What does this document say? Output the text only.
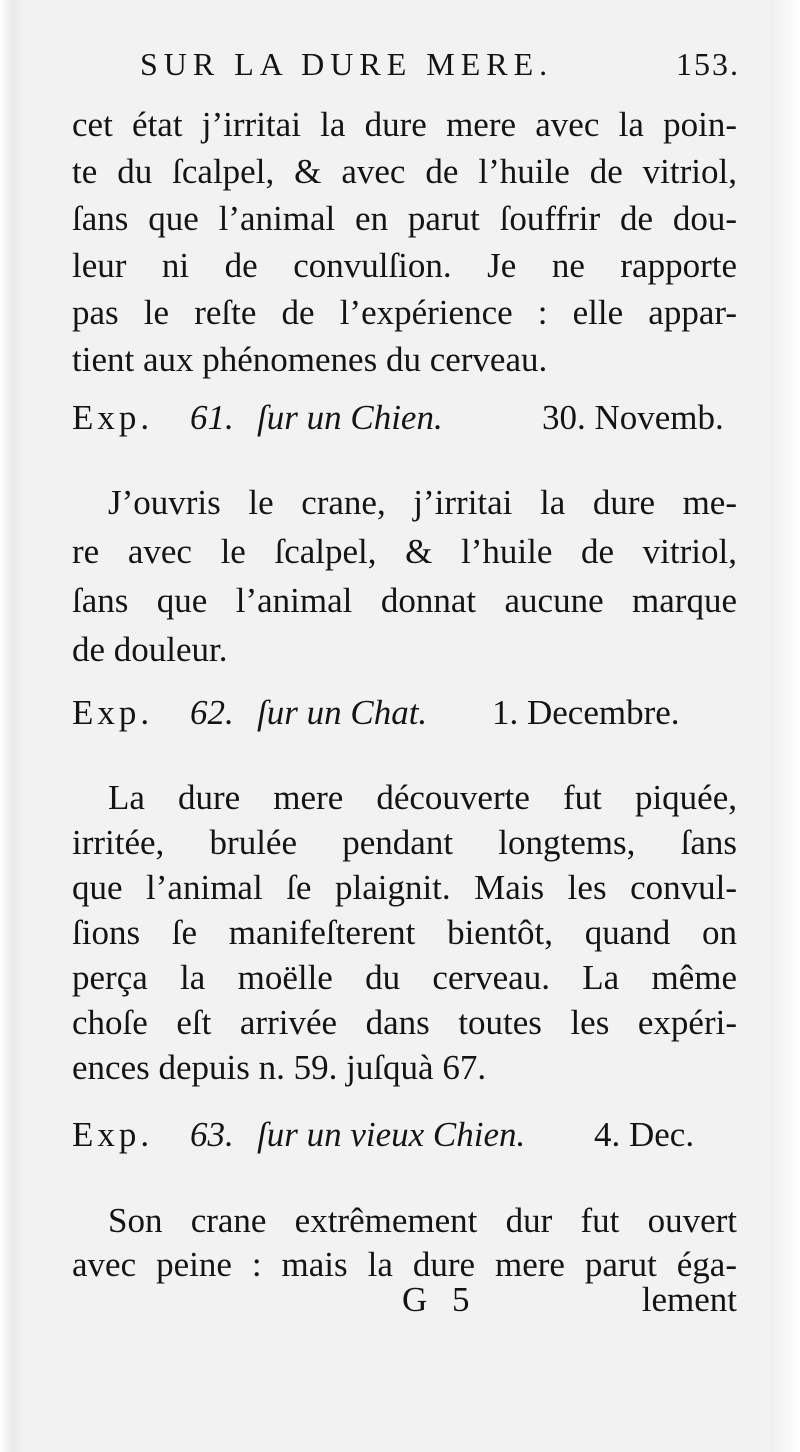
SUR LA DURE MERE.	153.
cet état j’irritai la dure mere avec la poin-
te du ſcalpel, & avec de l’huile de vitriol,
ſans que l’animal en parut ſouffrir de dou-
leur ni de convulſion. Je ne rapporte
pas le reſte de l’expérience : elle appar-
tient aux phénomenes du cerveau.
Exp. 61. ſur un Chien.	30. Novemb.
J’ouvris le crane, j’irritai la dure me-
re avec le ſcalpel, & l’huile de vitriol,
ſans que l’animal donnat aucune marque
de douleur.
Exp. 62. ſur un Chat. 1. Decembre.
La dure mere découverte fut piquée,
irritée, brulée pendant longtems, ſans
que l’animal ſe plaignit. Mais les convul-
ſions ſe manifeſterent bientôt, quand on
perça la moëlle du cerveau. La même
choſe eſt arrivée dans toutes les expéri-
ences depuis n. 59. juſquà 67.
Exp. 63. ſur un vieux Chien. 4. Dec.
Son crane extrêmement dur fut ouvert
avec peine : mais la dure mere parut éga-
G 5	lement
